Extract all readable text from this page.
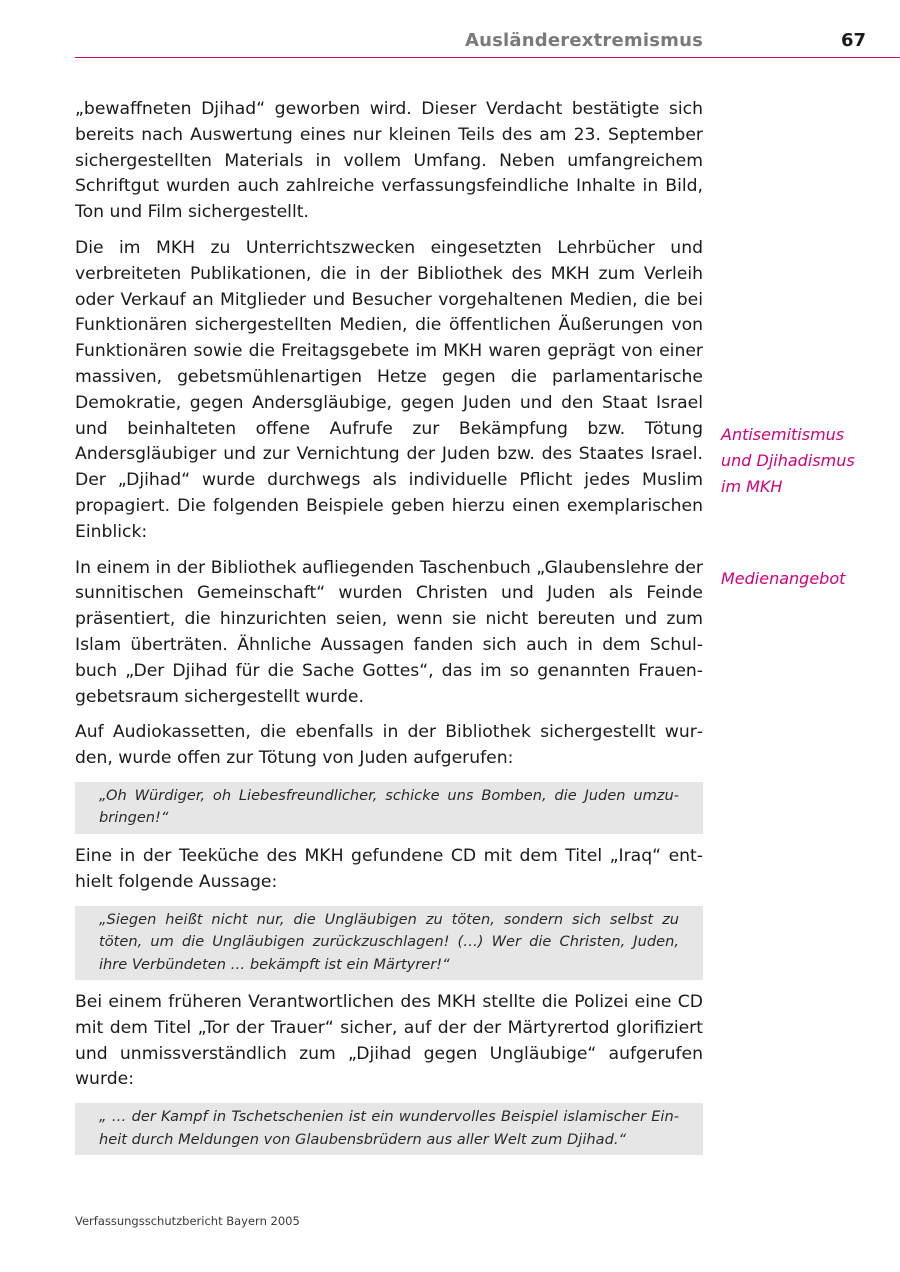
Ausländerextremismus	67

„bewaffneten Djihad“ geworben wird. Dieser Verdacht bestätigte sich bereits nach Auswertung eines nur kleinen Teils des am 23. September sichergestellten Materials in vollem Umfang. Neben umfangreichem Schriftgut wurden auch zahlreiche verfassungsfeindliche Inhalte in Bild, Ton und Film sichergestellt.

Die im MKH zu Unterrichtszwecken eingesetzten Lehrbücher und verbreiteten Publikationen, die in der Bibliothek des MKH zum Verleih oder Verkauf an Mitglieder und Besucher vorgehaltenen Medien, die bei Funktionären sichergestellten Medien, die öffentlichen Äußerungen von Funktionären sowie die Freitagsgebete im MKH waren geprägt von einer massiven, gebetsmühlenartigen Hetze gegen die parlamentarische Demokratie, gegen Andersgläubige, gegen Juden und den Staat Israel und beinhalteten offene Aufrufe zur Bekämpfung bzw. Tötung Andersgläubiger und zur Vernichtung der Juden bzw. des Staates Israel. Der „Djihad“ wurde durchwegs als individuelle Pflicht jedes Muslim propagiert. Die folgenden Beispiele geben hierzu einen exemplarischen Einblick:

In einem in der Bibliothek aufliegenden Taschenbuch „Glaubenslehre der sunnitischen Gemeinschaft“ wurden Christen und Juden als Feinde präsentiert, die hinzurichten seien, wenn sie nicht bereuten und zum Islam überträten. Ähnliche Aussagen fanden sich auch in dem Schulbuch „Der Djihad für die Sache Gottes“, das im so genannten Frauengebetsraum sichergestellt wurde.

Auf Audiokassetten, die ebenfalls in der Bibliothek sichergestellt wurden, wurde offen zur Tötung von Juden aufgerufen:

„Oh Würdiger, oh Liebesfreundlicher, schicke uns Bomben, die Juden umzubringen!“

Eine in der Teeküche des MKH gefundene CD mit dem Titel „Iraq“ enthielt folgende Aussage:

„Siegen heißt nicht nur, die Ungläubigen zu töten, sondern sich selbst zu töten, um die Ungläubigen zurückzuschlagen! (…) Wer die Christen, Juden, ihre Verbündeten … bekämpft ist ein Märtyrer!“

Bei einem früheren Verantwortlichen des MKH stellte die Polizei eine CD mit dem Titel „Tor der Trauer“ sicher, auf der der Märtyrertod glorifiziert und unmissverständlich zum „Djihad gegen Ungläubige“ aufgerufen wurde:

„ … der Kampf in Tschetschenien ist ein wundervolles Beispiel islamischer Einheit durch Meldungen von Glaubensbrüdern aus aller Welt zum Djihad.“
Antisemitismus
und Djihadismus
im MKH
Medienangebot
Verfassungsschutzbericht Bayern 2005
